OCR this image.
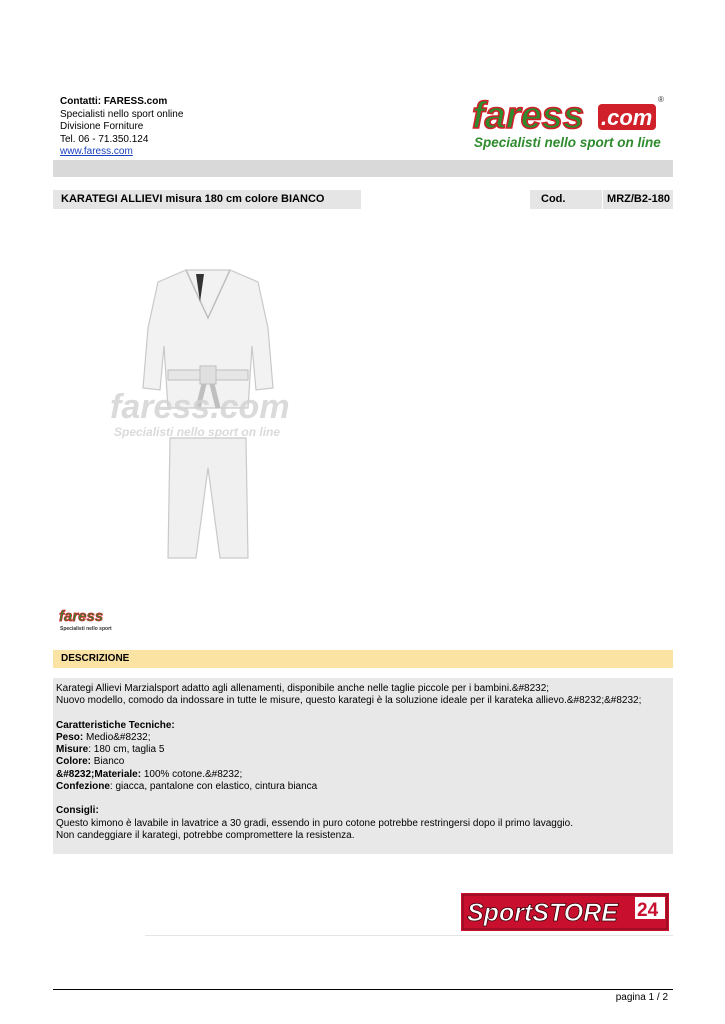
Contatti: FARESS.com
Specialisti nello sport online
Divisione Forniture
Tel. 06 - 71.350.124
www.faress.com
faress .com
®
Specialisti nello sport on line
KARATEGI ALLIEVI misura 180 cm colore BIANCO	Cod.	MRZ/B2-180
faress.com
Specialisti nello sport on line
faress
Specialisti nello sport
DESCRIZIONE

Karategi Allievi Marzialsport adatto agli allenamenti, disponibile anche nelle taglie piccole per i bambini.&#8232;

Nuovo modello, comodo da indossare in tutte le misure, questo karategi è la soluzione ideale per il karateka allievo.&#8232;&#8232;

Caratteristiche Tecniche:

Peso: Medio&#8232;

Misure: 180 cm, taglia 5

Colore: Bianco

&#8232;Materiale: 100% cotone.&#8232;

Confezione: giacca, pantalone con elastico, cintura bianca

Consigli:

Questo kimono è lavabile in lavatrice a 30 gradi, essendo in puro cotone potrebbe restringersi dopo il primo lavaggio.

Non candeggiare il karategi, potrebbe compromettere la resistenza.

SportSTORE 24
pagina 1 / 2
